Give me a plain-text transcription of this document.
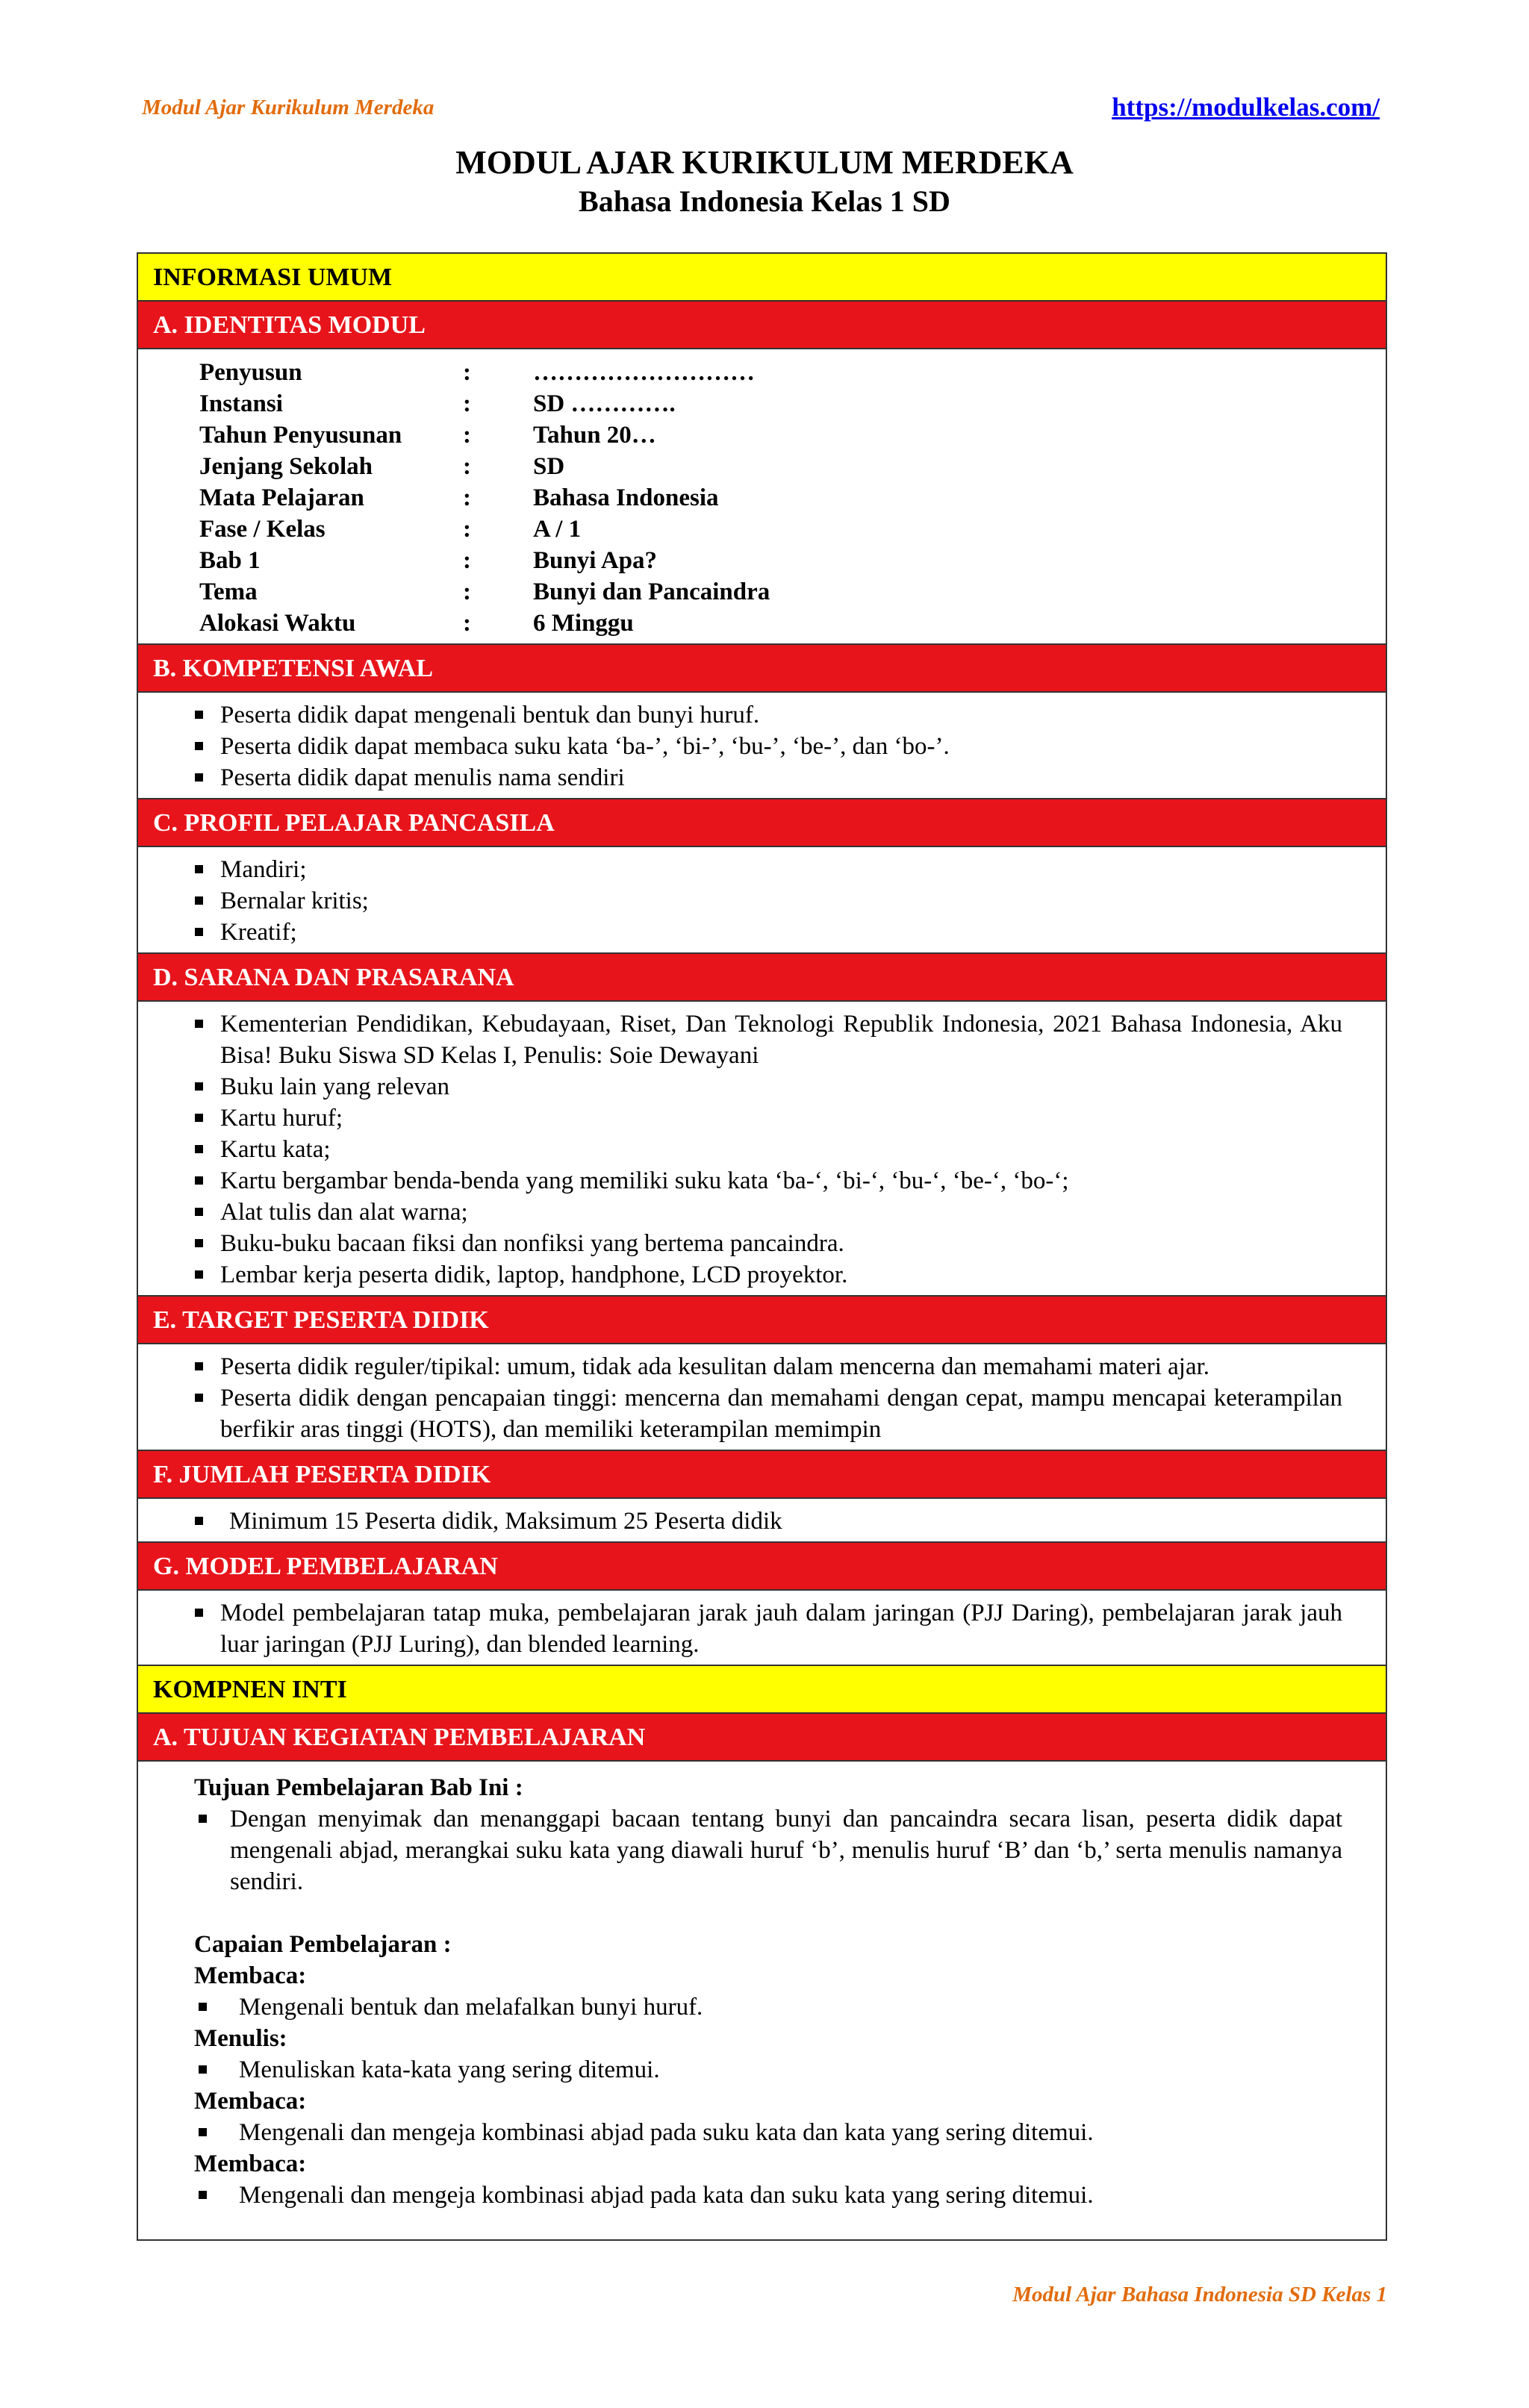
Modul Ajar Kurikulum Merdeka	https://modulkelas.com/
MODUL AJAR KURIKULUM MERDEKA
Bahasa Indonesia Kelas 1 SD
INFORMASI UMUM
A. IDENTITAS MODUL
Penyusun	:	………………………
Instansi	:	SD ………….
Tahun Penyusunan	:	Tahun 20…
Jenjang Sekolah	:	SD
Mata Pelajaran	:	Bahasa Indonesia
Fase / Kelas	:	A / 1
Bab 1	:	Bunyi Apa?
Tema	:	Bunyi dan Pancaindra
Alokasi Waktu	:	6 Minggu
B. KOMPETENSI AWAL
Peserta didik dapat mengenali bentuk dan bunyi huruf.
Peserta didik dapat membaca suku kata ‘ba-’, ‘bi-’, ‘bu-’, ‘be-’, dan ‘bo-’.
Peserta didik dapat menulis nama sendiri
C. PROFIL PELAJAR PANCASILA
Mandiri;
Bernalar kritis;
Kreatif;
D. SARANA DAN PRASARANA
Kementerian Pendidikan, Kebudayaan, Riset, Dan Teknologi Republik Indonesia, 2021 Bahasa Indonesia, Aku Bisa! Buku Siswa SD Kelas I, Penulis: Soie Dewayani
Buku lain yang relevan
Kartu huruf;
Kartu kata;
Kartu bergambar benda-benda yang memiliki suku kata ‘ba-‘, ‘bi-‘, ‘bu-‘, ‘be-‘, ‘bo-‘;
Alat tulis dan alat warna;
Buku-buku bacaan fiksi dan nonfiksi yang bertema pancaindra.
Lembar kerja peserta didik, laptop, handphone, LCD proyektor.
E. TARGET PESERTA DIDIK
Peserta didik reguler/tipikal: umum, tidak ada kesulitan dalam mencerna dan memahami materi ajar.
Peserta didik dengan pencapaian tinggi: mencerna dan memahami dengan cepat, mampu mencapai keterampilan berfikir aras tinggi (HOTS), dan memiliki keterampilan memimpin
F. JUMLAH PESERTA DIDIK
Minimum 15 Peserta didik, Maksimum 25 Peserta didik
G. MODEL PEMBELAJARAN
Model pembelajaran tatap muka, pembelajaran jarak jauh dalam jaringan (PJJ Daring), pembelajaran jarak jauh luar jaringan (PJJ Luring), dan blended learning.
KOMPNEN INTI
A. TUJUAN KEGIATAN PEMBELAJARAN
Tujuan Pembelajaran Bab Ini :
Dengan menyimak dan menanggapi bacaan tentang bunyi dan pancaindra secara lisan, peserta didik dapat mengenali abjad, merangkai suku kata yang diawali huruf ‘b’, menulis huruf ‘B’ dan ‘b,’ serta menulis namanya sendiri.
Capaian Pembelajaran :
Membaca:
Mengenali bentuk dan melafalkan bunyi huruf.
Menulis:
Menuliskan kata-kata yang sering ditemui.
Membaca:
Mengenali dan mengeja kombinasi abjad pada suku kata dan kata yang sering ditemui.
Membaca:
Mengenali dan mengeja kombinasi abjad pada kata dan suku kata yang sering ditemui.
Modul Ajar Bahasa Indonesia SD Kelas 1
